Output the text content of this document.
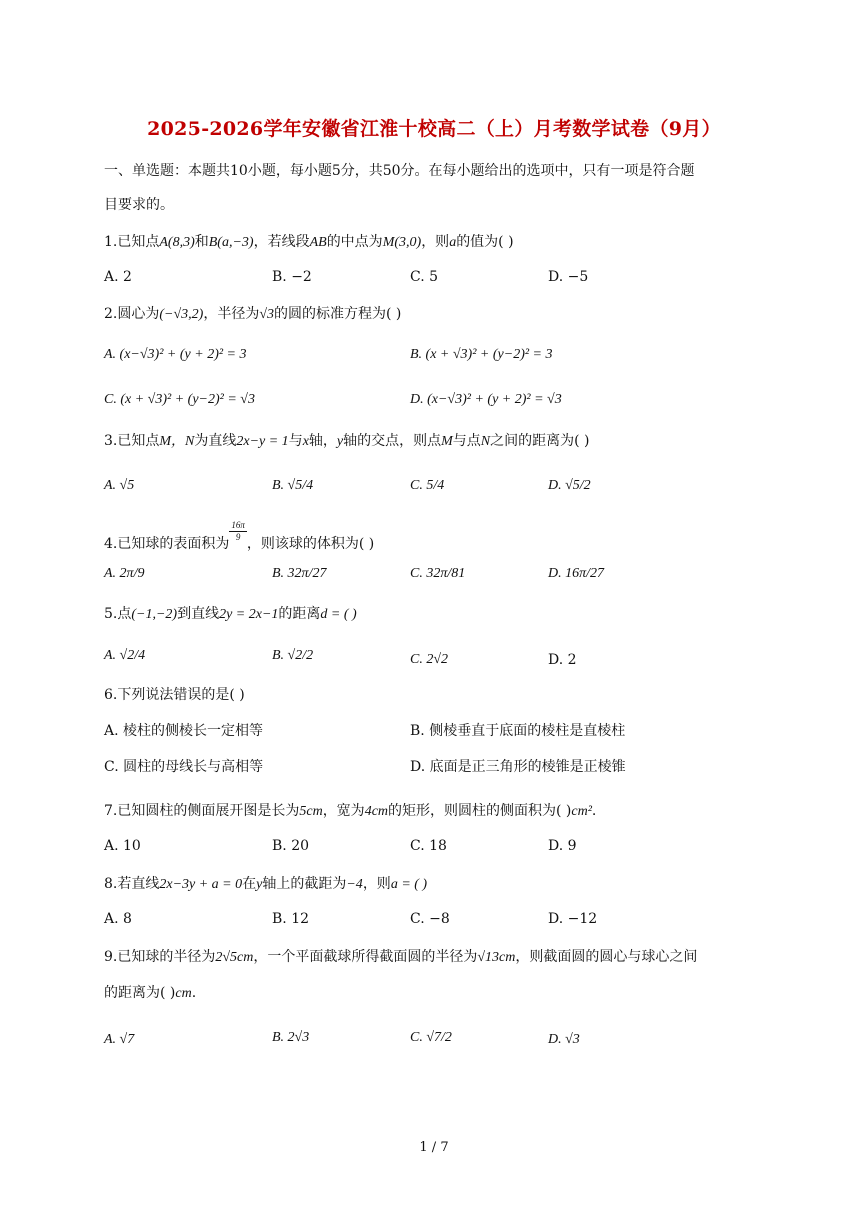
2025-2026学年安徽省江淮十校高二（上）月考数学试卷（9月）
一、单选题：本题共10小题，每小题5分，共50分。在每小题给出的选项中，只有一项是符合题
目要求的。
1.已知点A(8,3)和B(a,−3)，若线段AB的中点为M(3,0)，则a的值为( )
A. 2	B. −2	C. 5	D. −5
2.圆心为(−√3,2)，半径为√3的圆的标准方程为( )
A. (x−√3)² + (y + 2)² = 3	B. (x + √3)² + (y−2)² = 3
C. (x + √3)² + (y−2)² = √3	D. (x−√3)² + (y + 2)² = √3
3.已知点M，N为直线2x−y = 1与x轴，y轴的交点，则点M与点N之间的距离为( )
A. √5	B. √5/4	C. 5/4	D. √5/2
4.已知球的表面积为
$\frac{16\pi}{9}$
，则该球的体积为( )
A. 2π/9	B. 32π/27	C. 32π/81	D. 16π/27
5.点(−1,−2)到直线2y = 2x−1的距离d = ( )
A. √2/4	B. √2/2	C. 2√2	D. 2
6.下列说法错误的是( )
A. 棱柱的侧棱长一定相等	B. 侧棱垂直于底面的棱柱是直棱柱
C. 圆柱的母线长与高相等	D. 底面是正三角形的棱锥是正棱锥
7.已知圆柱的侧面展开图是长为5cm，宽为4cm的矩形，则圆柱的侧面积为( )cm².
A. 10	B. 20	C. 18	D. 9
8.若直线2x−3y + a = 0在y轴上的截距为−4，则a = ( )
A. 8	B. 12	C. −8	D. −12
9.已知球的半径为2√5cm，一个平面截球所得截面圆的半径为√13cm，则截面圆的圆心与球心之间
的距离为( )cm.
A. √7	B. 2√3	C. √7/2	D. √3
1 / 7
